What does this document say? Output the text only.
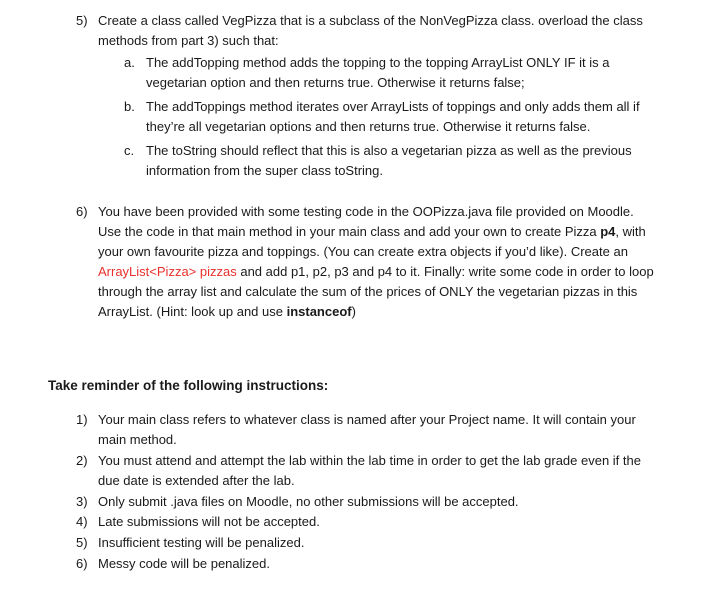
5) Create a class called VegPizza that is a subclass of the NonVegPizza class. overload the class
methods from part 3) such that:
a. The addTopping method adds the topping to the topping ArrayList ONLY IF it is a
vegetarian option and then returns true. Otherwise it returns false;
b. The addToppings method iterates over ArrayLists of toppings and only adds them all if
they’re all vegetarian options and then returns true. Otherwise it returns false.
c. The toString should reflect that this is also a vegetarian pizza as well as the previous
information from the super class toString.
6) You have been provided with some testing code in the OOPizza.java file provided on Moodle.
Use the code in that main method in your main class and add your own to create Pizza p4, with
your own favourite pizza and toppings. (You can create extra objects if you’d like). Create an
ArrayList<Pizza> pizzas and add p1, p2, p3 and p4 to it. Finally: write some code in order to loop
through the array list and calculate the sum of the prices of ONLY the vegetarian pizzas in this
ArrayList. (Hint: look up and use instanceof)
Take reminder of the following instructions:
1) Your main class refers to whatever class is named after your Project name. It will contain your
main method.
2) You must attend and attempt the lab within the lab time in order to get the lab grade even if the
due date is extended after the lab.
3) Only submit .java files on Moodle, no other submissions will be accepted.
4) Late submissions will not be accepted.
5) Insufficient testing will be penalized.
6) Messy code will be penalized.
